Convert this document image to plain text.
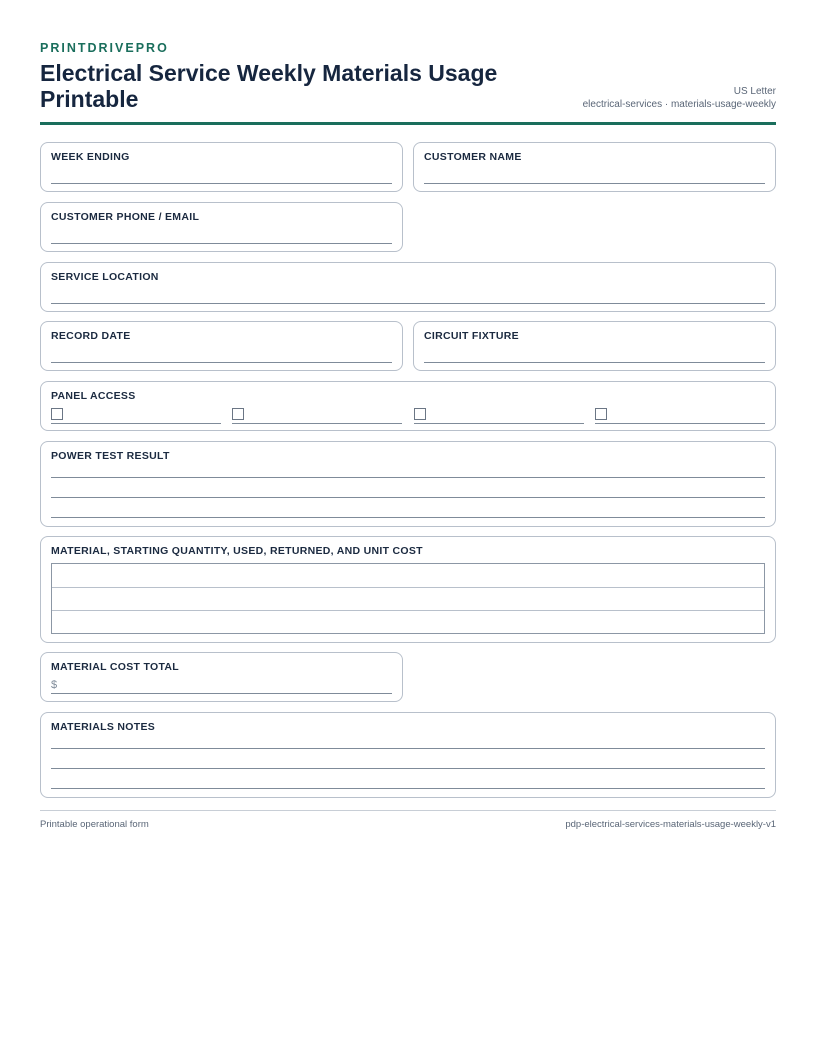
PRINTDRIVEPRO
Electrical Service Weekly Materials Usage Printable	US Letter
electrical-services · materials-usage-weekly
WEEK ENDING	CUSTOMER NAME
CUSTOMER PHONE / EMAIL
SERVICE LOCATION
RECORD DATE	CIRCUIT FIXTURE
PANEL ACCESS
POWER TEST RESULT
MATERIAL, STARTING QUANTITY, USED, RETURNED, AND UNIT COST
MATERIAL COST TOTAL
$
MATERIALS NOTES
Printable operational form	pdp-electrical-services-materials-usage-weekly-v1
